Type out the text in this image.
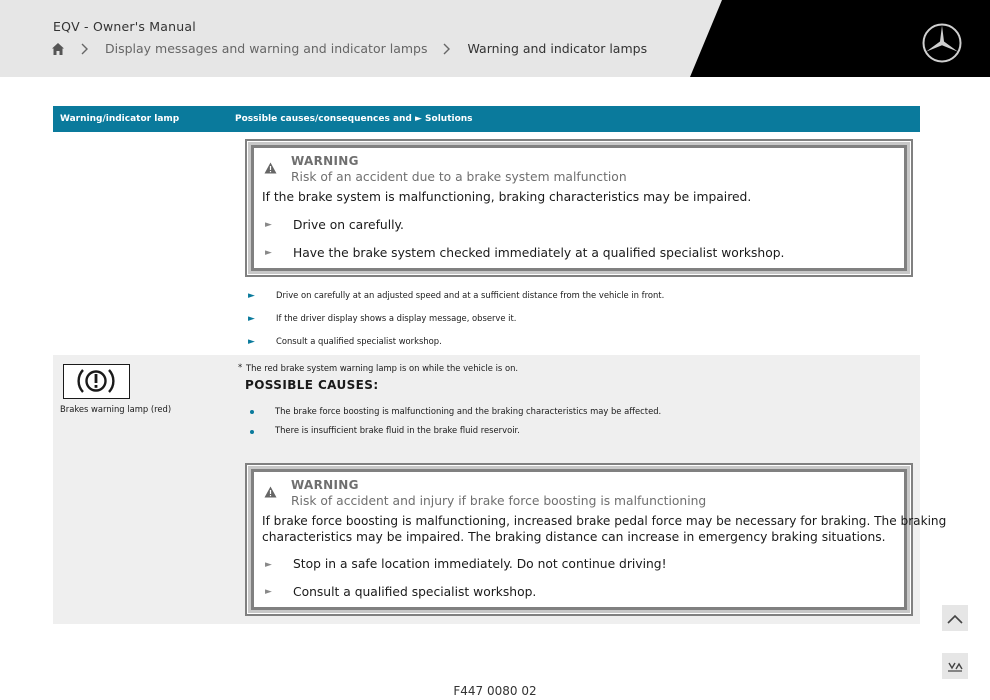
EQV - Owner's Manual
Display messages and warning and indicator lamps	Warning and indicator lamps
Warning/indicator lamp	Possible causes/consequences and ► Solutions
WARNING
Risk of an accident due to a brake system malfunction
If the brake system is malfunctioning, braking characteristics may be impaired.
► Drive on carefully.
► Have the brake system checked immediately at a qualified specialist workshop.
►	Drive on carefully at an adjusted speed and at a sufficient distance from the vehicle in front.
►	If the driver display shows a display message, observe it.
►	Consult a qualified specialist workshop.
Brakes warning lamp (red)
* The red brake system warning lamp is on while the vehicle is on.
POSSIBLE CAUSES:
The brake force boosting is malfunctioning and the braking characteristics may be affected.
There is insufficient brake fluid in the brake fluid reservoir.
WARNING
Risk of accident and injury if brake force boosting is malfunctioning
If brake force boosting is malfunctioning, increased brake pedal force may be necessary for braking. The braking
characteristics may be impaired. The braking distance can increase in emergency braking situations.
► Stop in a safe location immediately. Do not continue driving!
► Consult a qualified specialist workshop.
F447 0080 02
